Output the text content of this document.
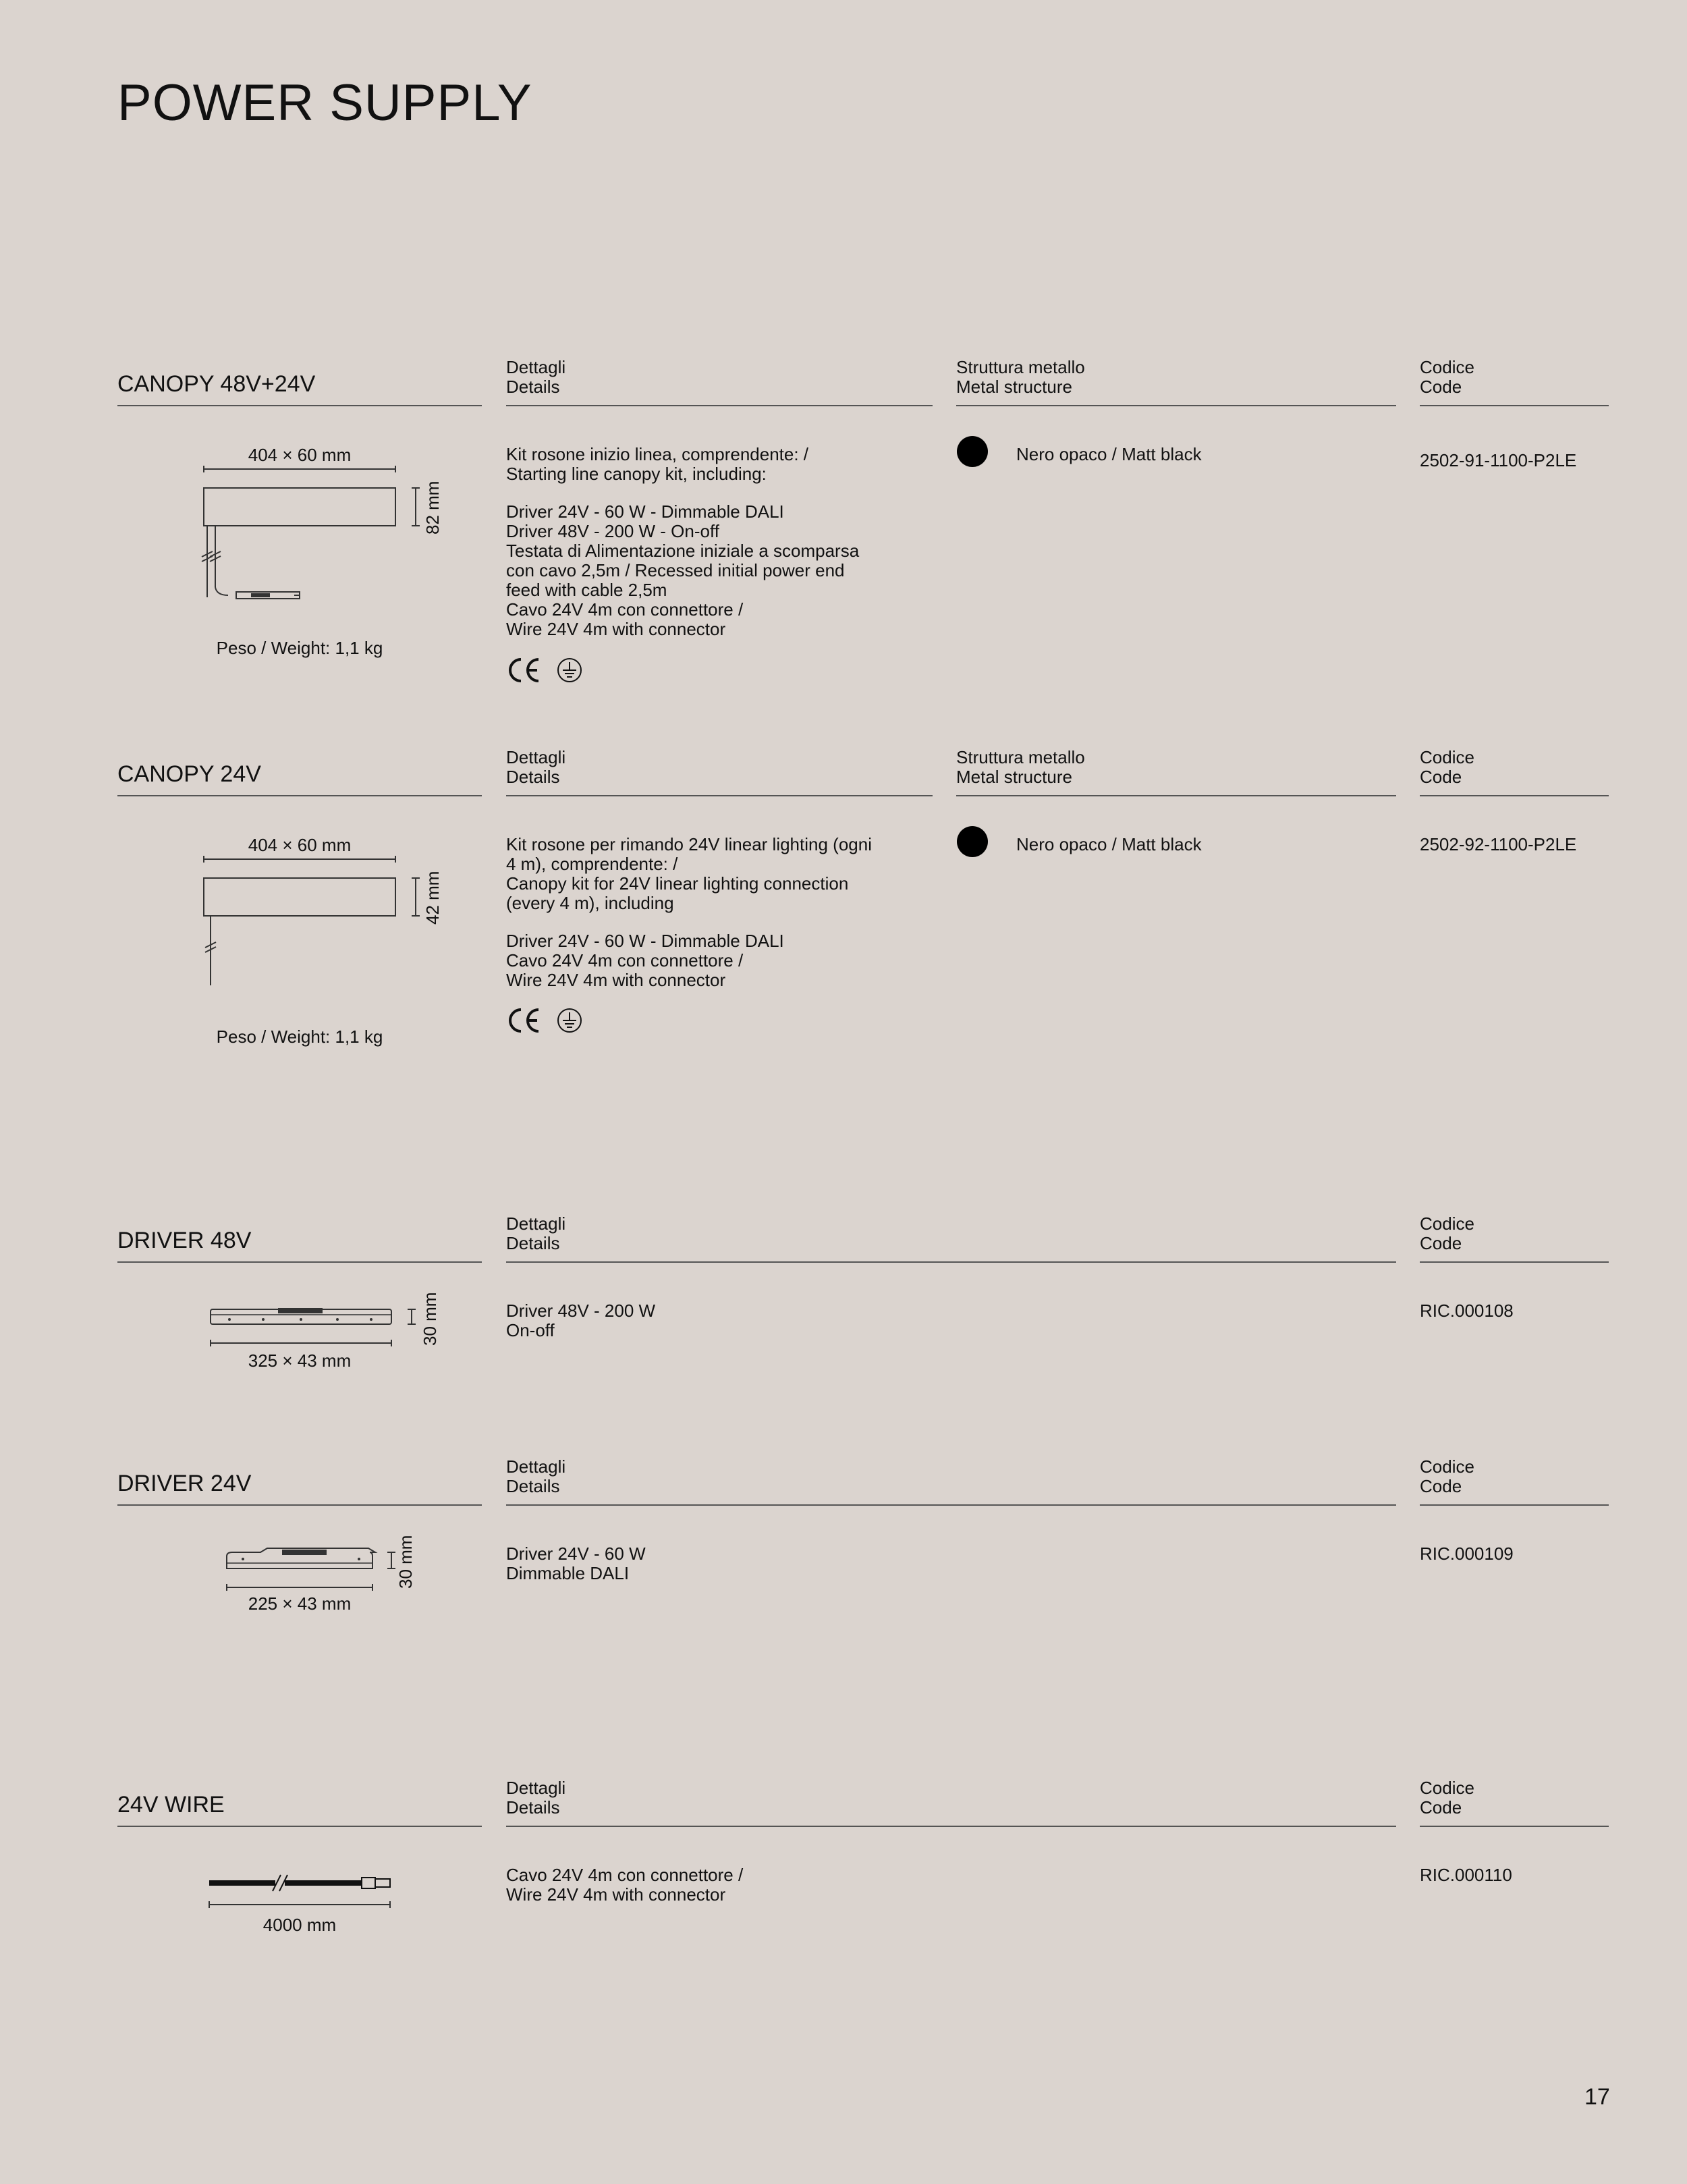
POWER SUPPLY
CANOPY 48V+24V
Dettagli
Details
Struttura metallo
Metal structure
Codice
Code
404 × 60 mm
82 mm
Peso / Weight: 1,1 kg
Kit rosone inizio linea, comprendente: /
Starting line canopy kit, including:
Driver 24V - 60 W - Dimmable DALI
Driver 48V - 200 W - On-off
Testata di Alimentazione iniziale a scomparsa
con cavo 2,5m / Recessed initial power end
feed with cable 2,5m
Cavo 24V 4m con connettore /
Wire 24V 4m with connector
Nero opaco / Matt black	2502-91-1100-P2LE
CANOPY 24V
Dettagli
Details
Struttura metallo
Metal structure
Codice
Code
404 × 60 mm
42 mm
Peso / Weight: 1,1 kg
Kit rosone per rimando 24V linear lighting (ogni
4 m), comprendente: /
Canopy kit for 24V linear lighting connection
(every 4 m), including
Driver 24V - 60 W - Dimmable DALI
Cavo 24V 4m con connettore /
Wire 24V 4m with connector
Nero opaco / Matt black	2502-92-1100-P2LE
DRIVER 48V
Dettagli
Details
Codice
Code
30 mm
325 × 43 mm
Driver 48V - 200 W
On-off
RIC.000108
DRIVER 24V
Dettagli
Details
Codice
Code
30 mm
225 × 43 mm
Driver 24V - 60 W
Dimmable DALI
RIC.000109
24V WIRE
Dettagli
Details
Codice
Code
4000 mm
Cavo 24V 4m con connettore /
Wire 24V 4m with connector
RIC.000110
17
